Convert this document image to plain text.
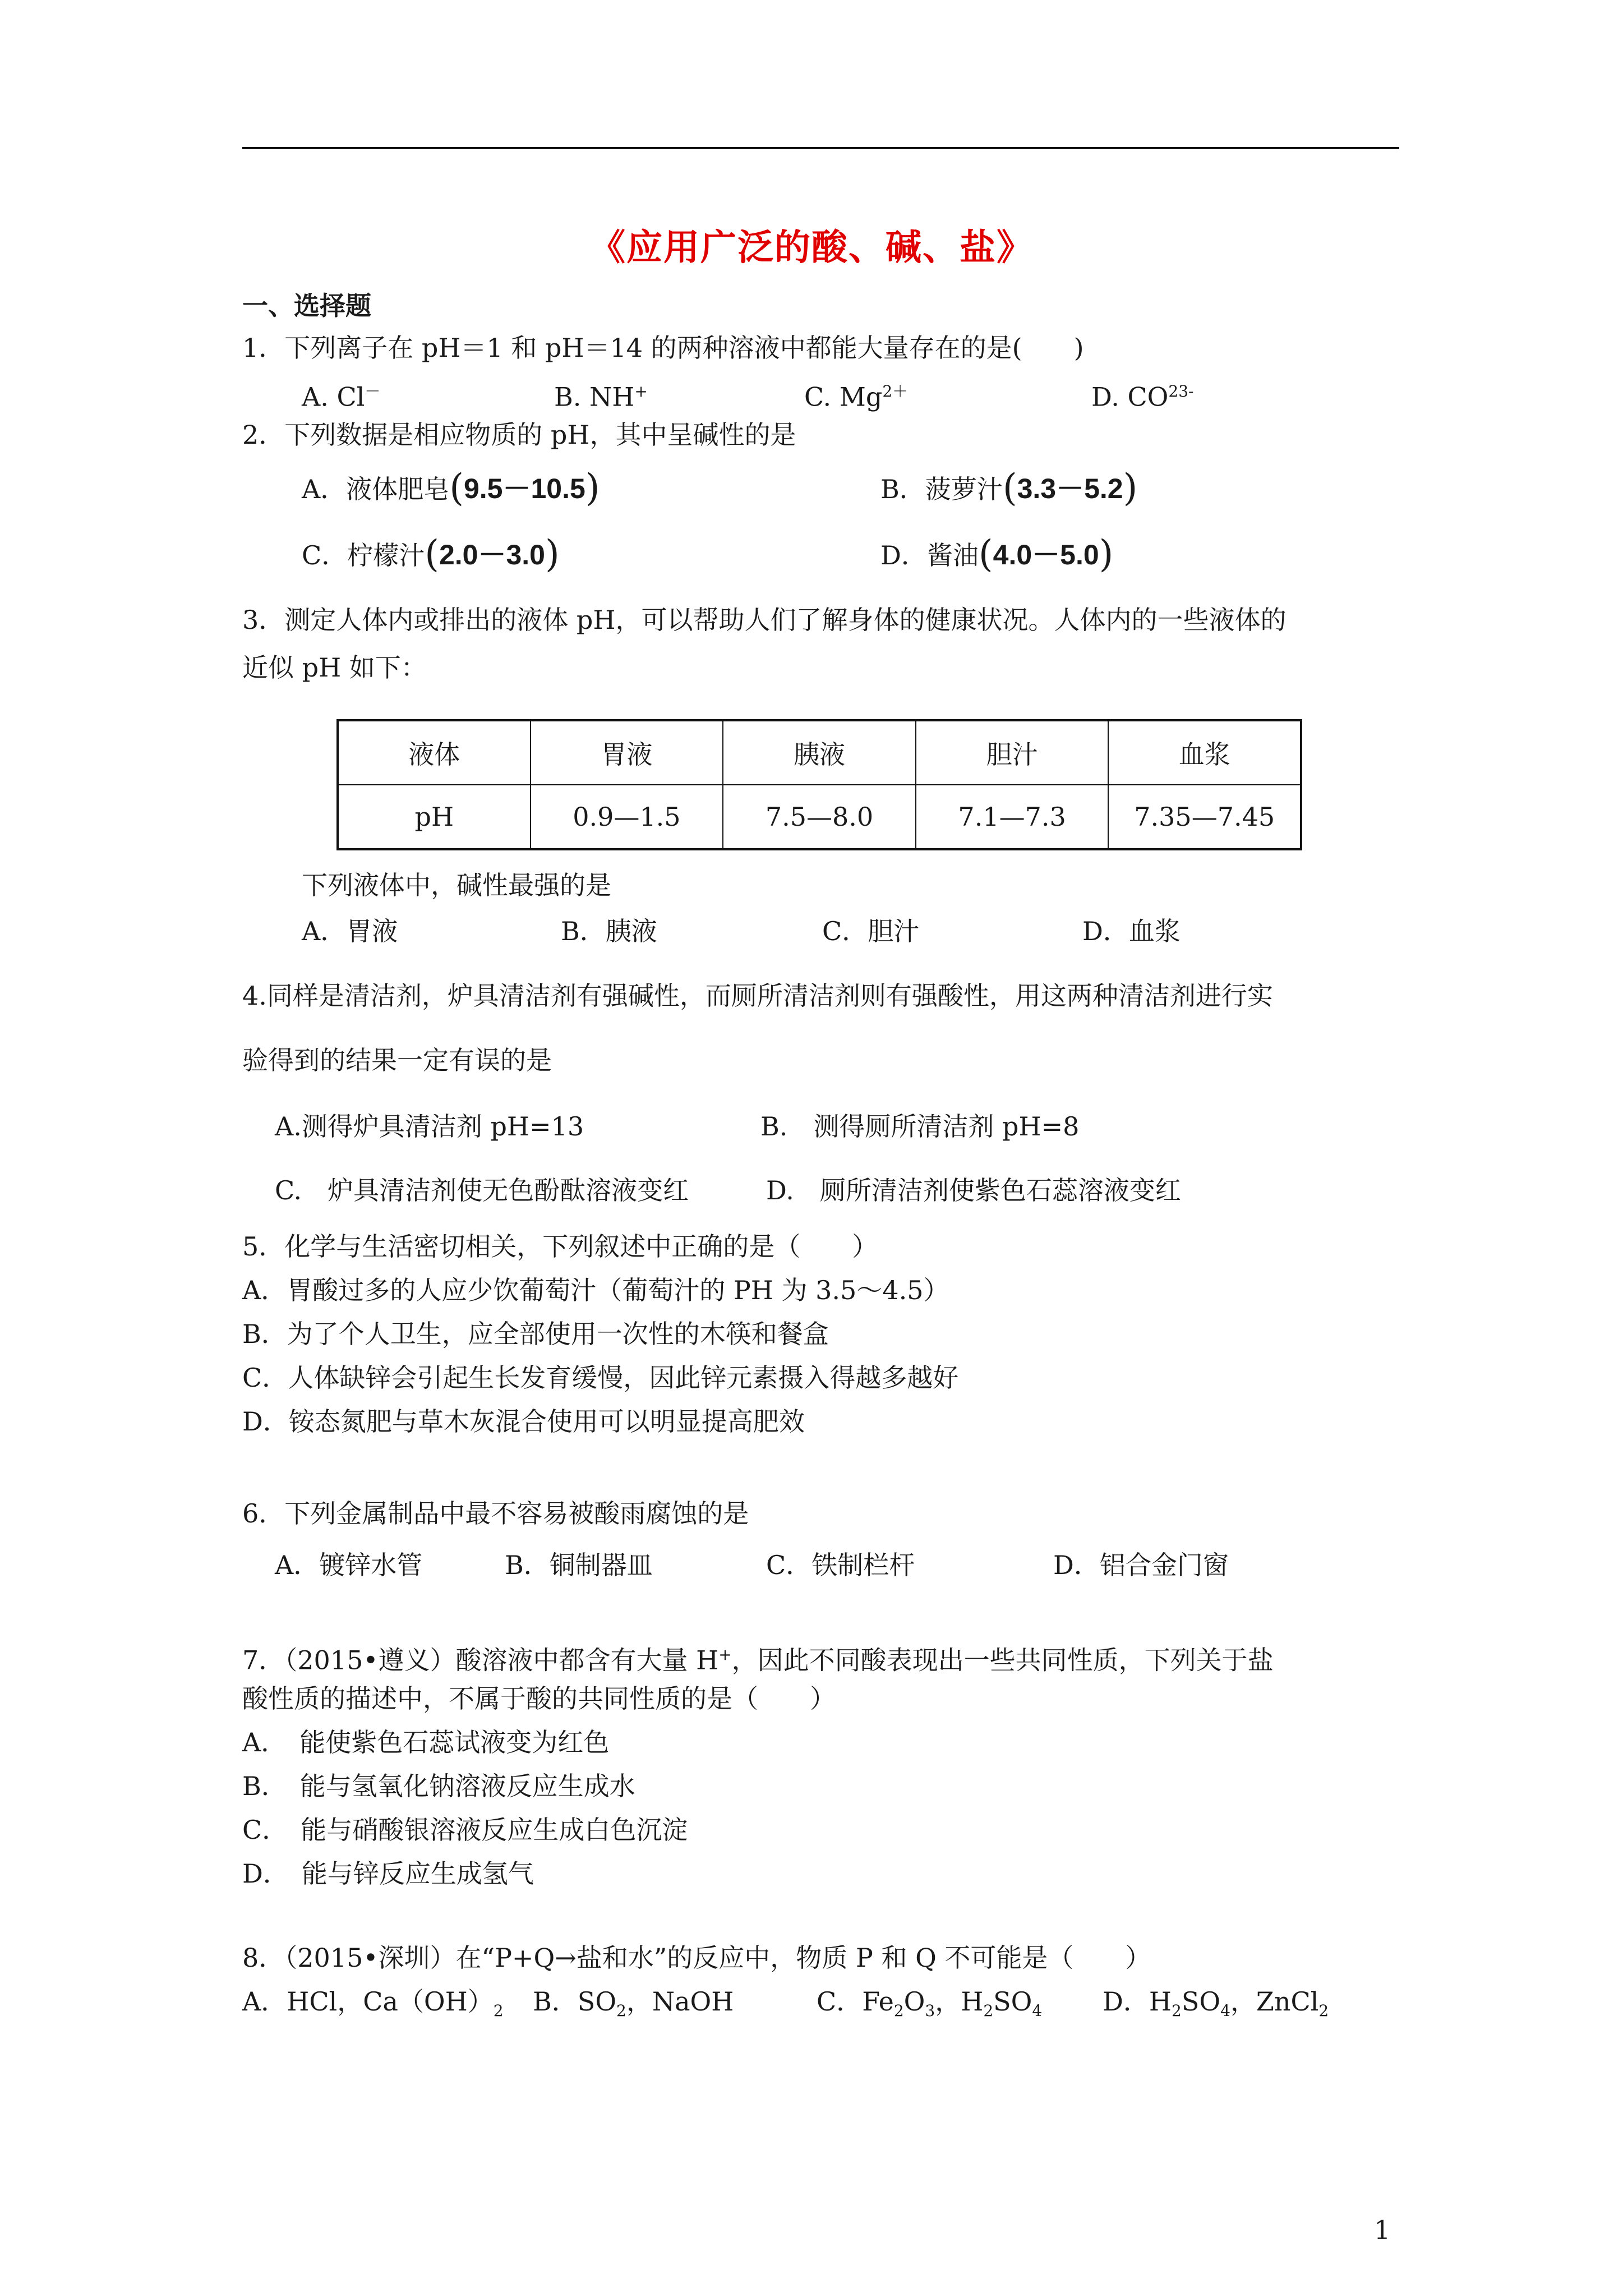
《应用广泛的酸、碱、盐》
一、选择题
1．下列离子在 pH＝1 和 pH＝14 的两种溶液中都能大量存在的是(　　)
A. Cl－	B. NH+	C. $Mg^{2+}$	D. $CO^{23-}$
2．下列数据是相应物质的 pH，其中呈碱性的是
A．液体肥皂(9.5－10.5)	B．菠萝汁(3.3－5.2)
C．柠檬汁(2.0－3.0)	D．酱油(4.0－5.0)
3．测定人体内或排出的液体 pH，可以帮助人们了解身体的健康状况。人体内的一些液体的
近似 pH 如下：
液体	胃液	胰液	胆汁	血浆
pH	0.9—1.5	7.5—8.0	7.1—7.3	7.35—7.45
下列液体中，碱性最强的是
A．胃液	B．胰液	C．胆汁	D．血浆
4.同样是清洁剂，炉具清洁剂有强碱性，而厕所清洁剂则有强酸性，用这两种清洁剂进行实
验得到的结果一定有误的是
A.测得炉具清洁剂 pH=13	B.　测得厕所清洁剂 pH=8
C.　炉具清洁剂使无色酚酞溶液变红	D.　厕所清洁剂使紫色石蕊溶液变红
5．化学与生活密切相关，下列叙述中正确的是（　　）
A．胃酸过多的人应少饮葡萄汁（葡萄汁的 PH 为 3.5～4.5）
B．为了个人卫生，应全部使用一次性的木筷和餐盒
C．人体缺锌会引起生长发育缓慢，因此锌元素摄入得越多越好
D．铵态氮肥与草木灰混合使用可以明显提高肥效
6．下列金属制品中最不容易被酸雨腐蚀的是
A．镀锌水管	B．铜制器皿	C．铁制栏杆	D．铝合金门窗
7．（2015•遵义）酸溶液中都含有大量 H+，因此不同酸表现出一些共同性质，下列关于盐
酸性质的描述中，不属于酸的共同性质的是（　　）
A．　能使紫色石蕊试液变为红色
B．　能与氢氧化钠溶液反应生成水
C．　能与硝酸银溶液反应生成白色沉淀
D．　能与锌反应生成氢气
8．（2015•深圳）在“P+Q→盐和水”的反应中，物质 P 和 Q 不可能是（　　）
A．HCl，$Ca(OH)_2$ B．$SO_2$，NaOH	C．$Fe_2O_3$，$H_2SO_4$ D．$H_2SO_4$，ZnCl$_2$
1
